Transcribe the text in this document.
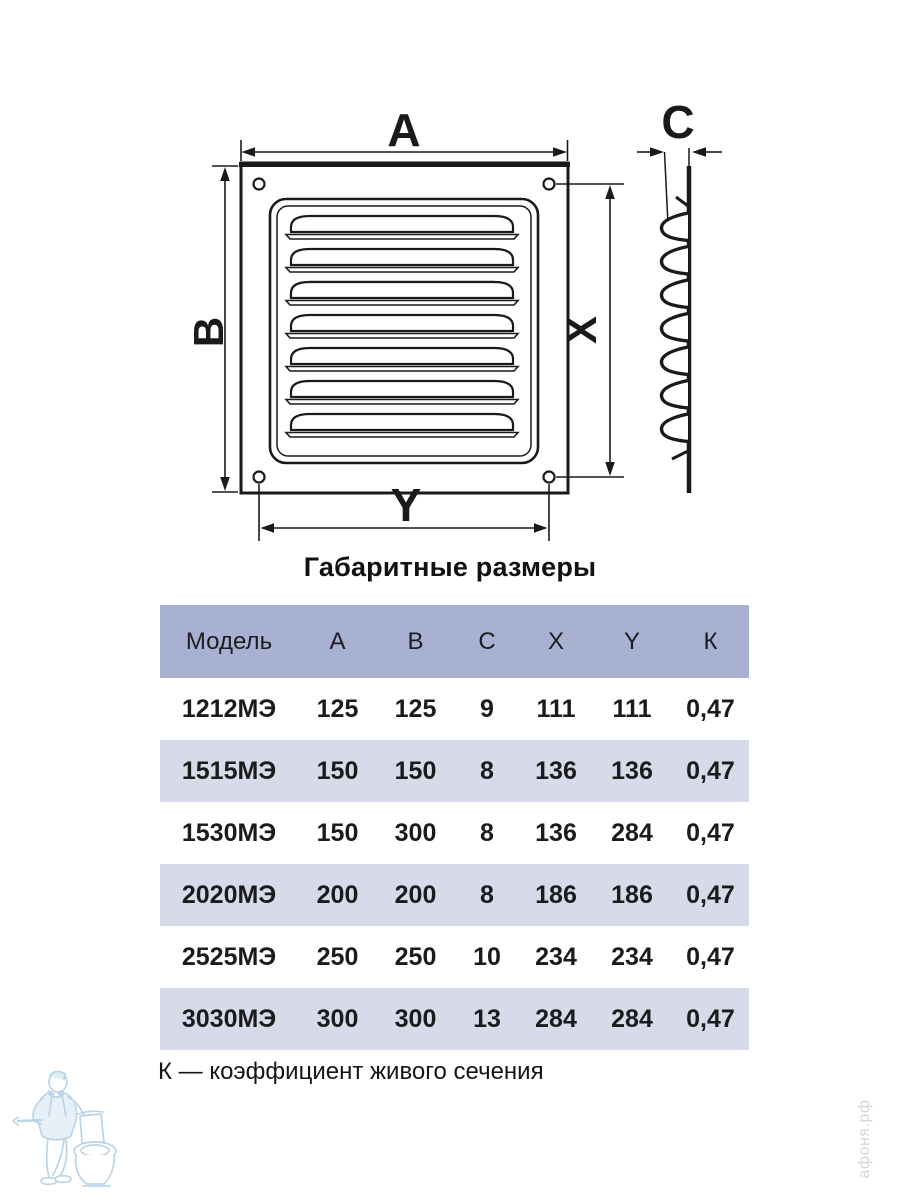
A
B	X
Y
C
Габаритные размеры
Модель	A	B	C	X	Y	К
1212МЭ	125	125	9	111	111	0,47
1515МЭ	150	150	8	136	136	0,47
1530МЭ	150	300	8	136	284	0,47
2020МЭ	200	200	8	186	186	0,47
2525МЭ	250	250	10	234	234	0,47
3030МЭ	300	300	13	284	284	0,47
К — коэффициент живого сечения
афоня.рф
